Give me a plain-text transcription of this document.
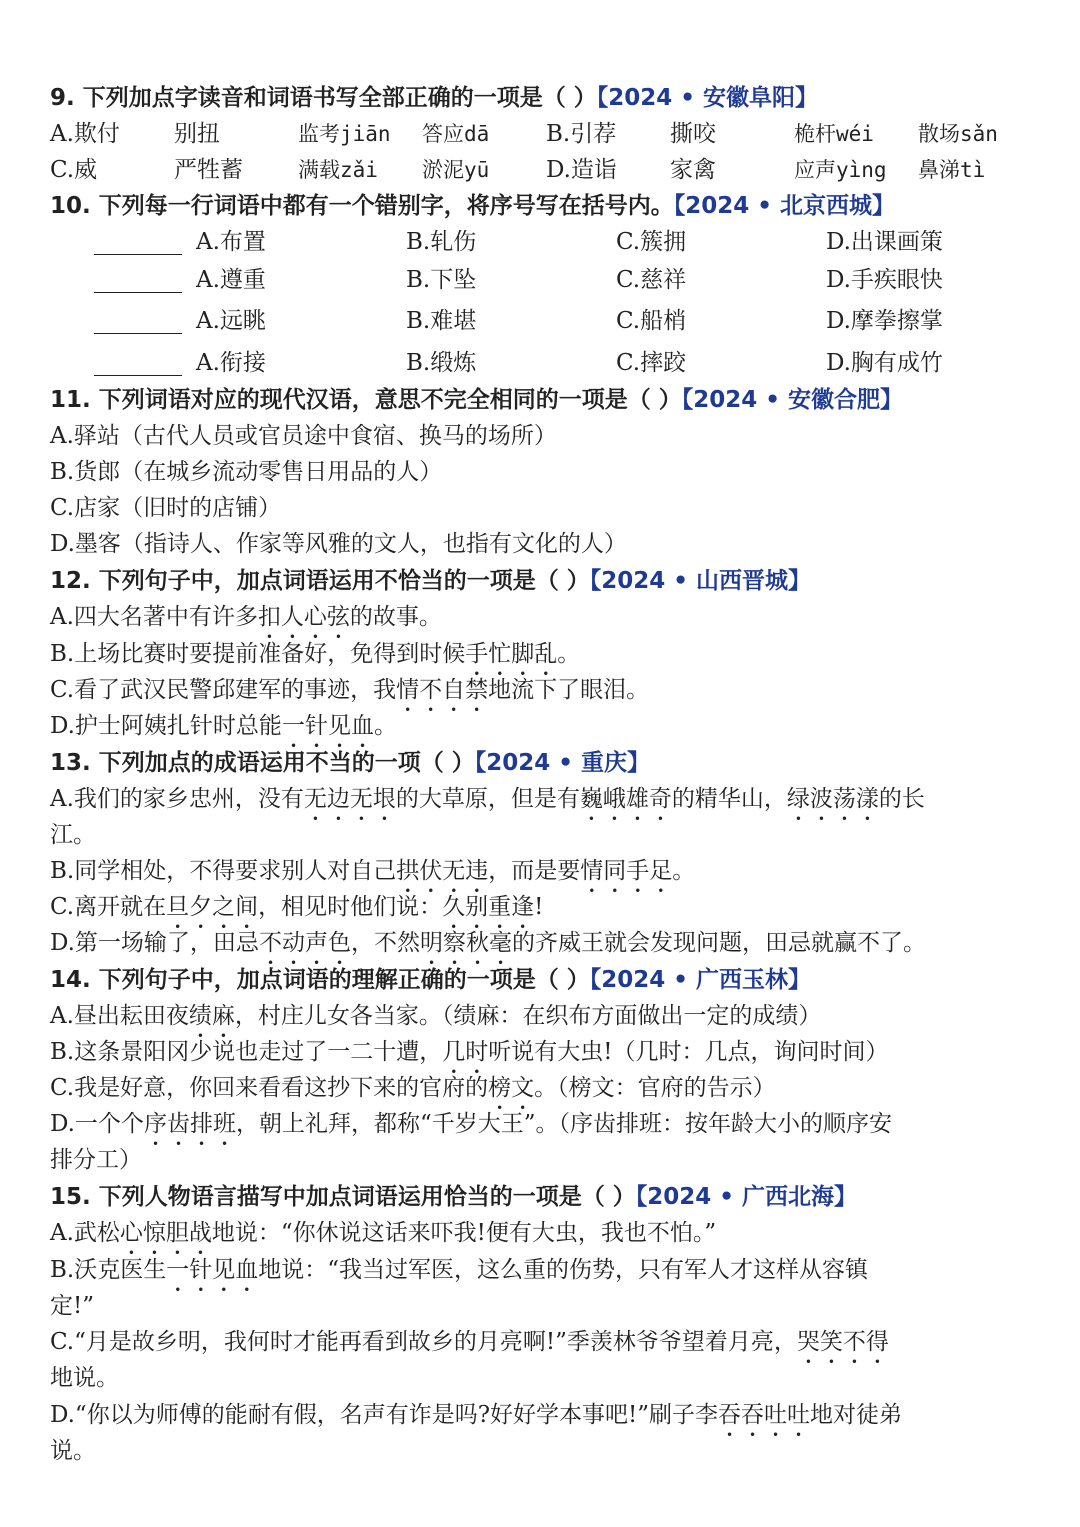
9. 下列加点字读音和词语书写全部正确的一项是（ ）【2024 • 安徽阜阳】
A.欺付 别扭	监考jiān 答应dā B.引荐 撕咬	桅杆wéi 散场sǎn
C.威	严牲蓄	满载zǎi 淤泥yū D.造诣 家禽	应声yìng 鼻涕tì
10. 下列每一行词语中都有一个错别字，将序号写在括号内。【2024 • 北京西城】
A.布置	B.轧伤	C.簇拥	D.出课画策
A.遵重	B.下坠	C.慈祥	D.手疾眼快
A.远眺	B.难堪	C.船梢	D.摩拳擦掌
A.衔接	B.缎炼	C.摔跤	D.胸有成竹
11. 下列词语对应的现代汉语，意思不完全相同的一项是（ ）【2024 • 安徽合肥】
A.驿站（古代人员或官员途中食宿、换马的场所）
B.货郎（在城乡流动零售日用品的人）
C.店家（旧时的店铺）
D.墨客（指诗人、作家等风雅的文人，也指有文化的人）
12. 下列句子中，加点词语运用不恰当的一项是（ ）【2024 • 山西晋城】
A.四大名著中有许多扣人心弦的故事。
B.上场比赛时要提前准备好，免得到时候手忙脚乱。
C.看了武汉民警邱建军的事迹，我情不自禁地流下了眼泪。
D.护士阿姨扎针时总能一针见血。
13. 下列加点的成语运用不当的一项（ ）【2024 • 重庆】
A.我们的家乡忠州，没有无边无垠的大草原，但是有巍峨雄奇的精华山，绿波荡漾的长
江。
B.同学相处，不得要求别人对自己拱伏无违，而是要情同手足。
C.离开就在旦夕之间，相见时他们说：久别重逢!
D.第一场输了，田忌不动声色，不然明察秋毫的齐威王就会发现问题，田忌就赢不了。
14. 下列句子中，加点词语的理解正确的一项是（ ）【2024 • 广西玉林】
A.昼出耘田夜绩麻，村庄儿女各当家。（绩麻：在织布方面做出一定的成绩）
B.这条景阳冈少说也走过了一二十遭，几时听说有大虫!（几时：几点，询问时间）
C.我是好意，你回来看看这抄下来的官府的榜文。（榜文：官府的告示）
D.一个个序齿排班，朝上礼拜，都称“千岁大王”。（序齿排班：按年龄大小的顺序安
排分工）
15. 下列人物语言描写中加点词语运用恰当的一项是（ ）【2024 • 广西北海】
A.武松心惊胆战地说：“你休说这话来吓我!便有大虫，我也不怕。”
B.沃克医生一针见血地说：“我当过军医，这么重的伤势，只有军人才这样从容镇
定!”
C.“月是故乡明，我何时才能再看到故乡的月亮啊!”季羡林爷爷望着月亮，哭笑不得
地说。
D.“你以为师傅的能耐有假，名声有诈是吗?好好学本事吧!”刷子李吞吞吐吐地对徒弟
说。
